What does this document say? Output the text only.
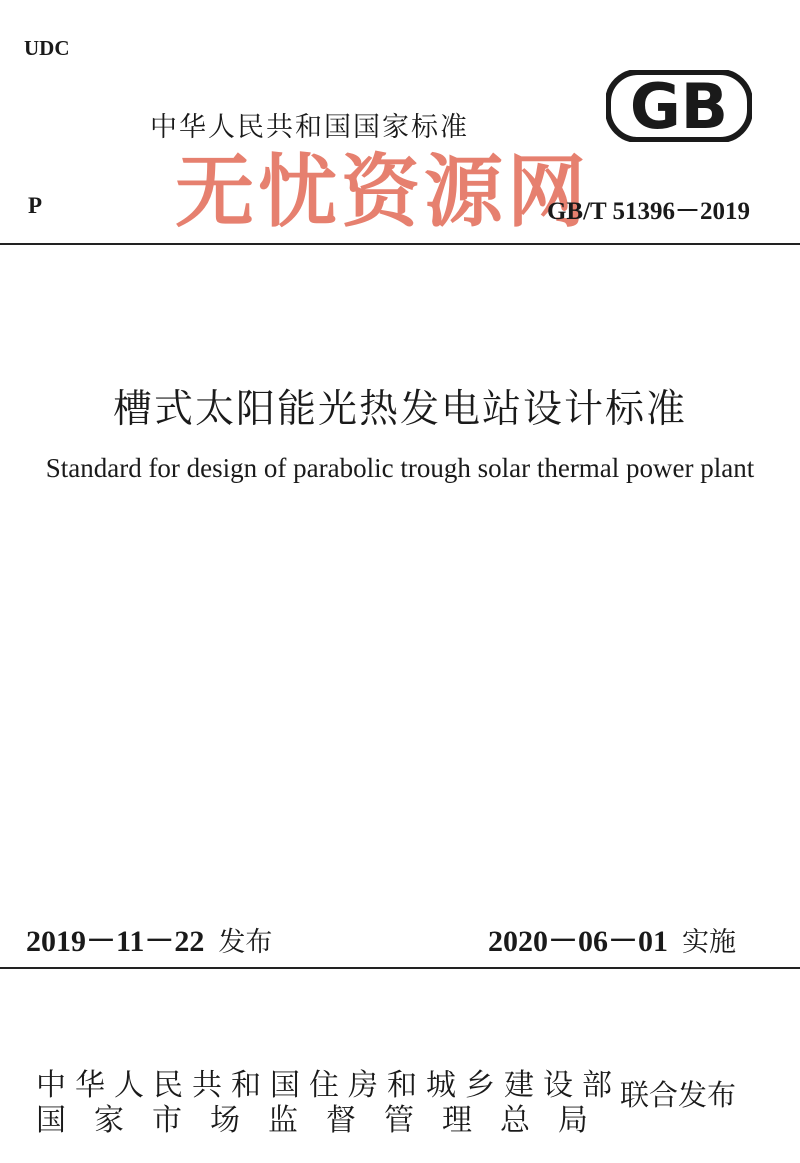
UDC
中华人民共和国国家标准	GB
无忧资源网
P	GB/T 51396－2019
槽式太阳能光热发电站设计标准
Standard for design of parabolic trough solar thermal power plant
2019－11－22 发布	2020－06－01 实施
中华人民共和国住房和城乡建设部
国家市场监督管理总局
联合发布
